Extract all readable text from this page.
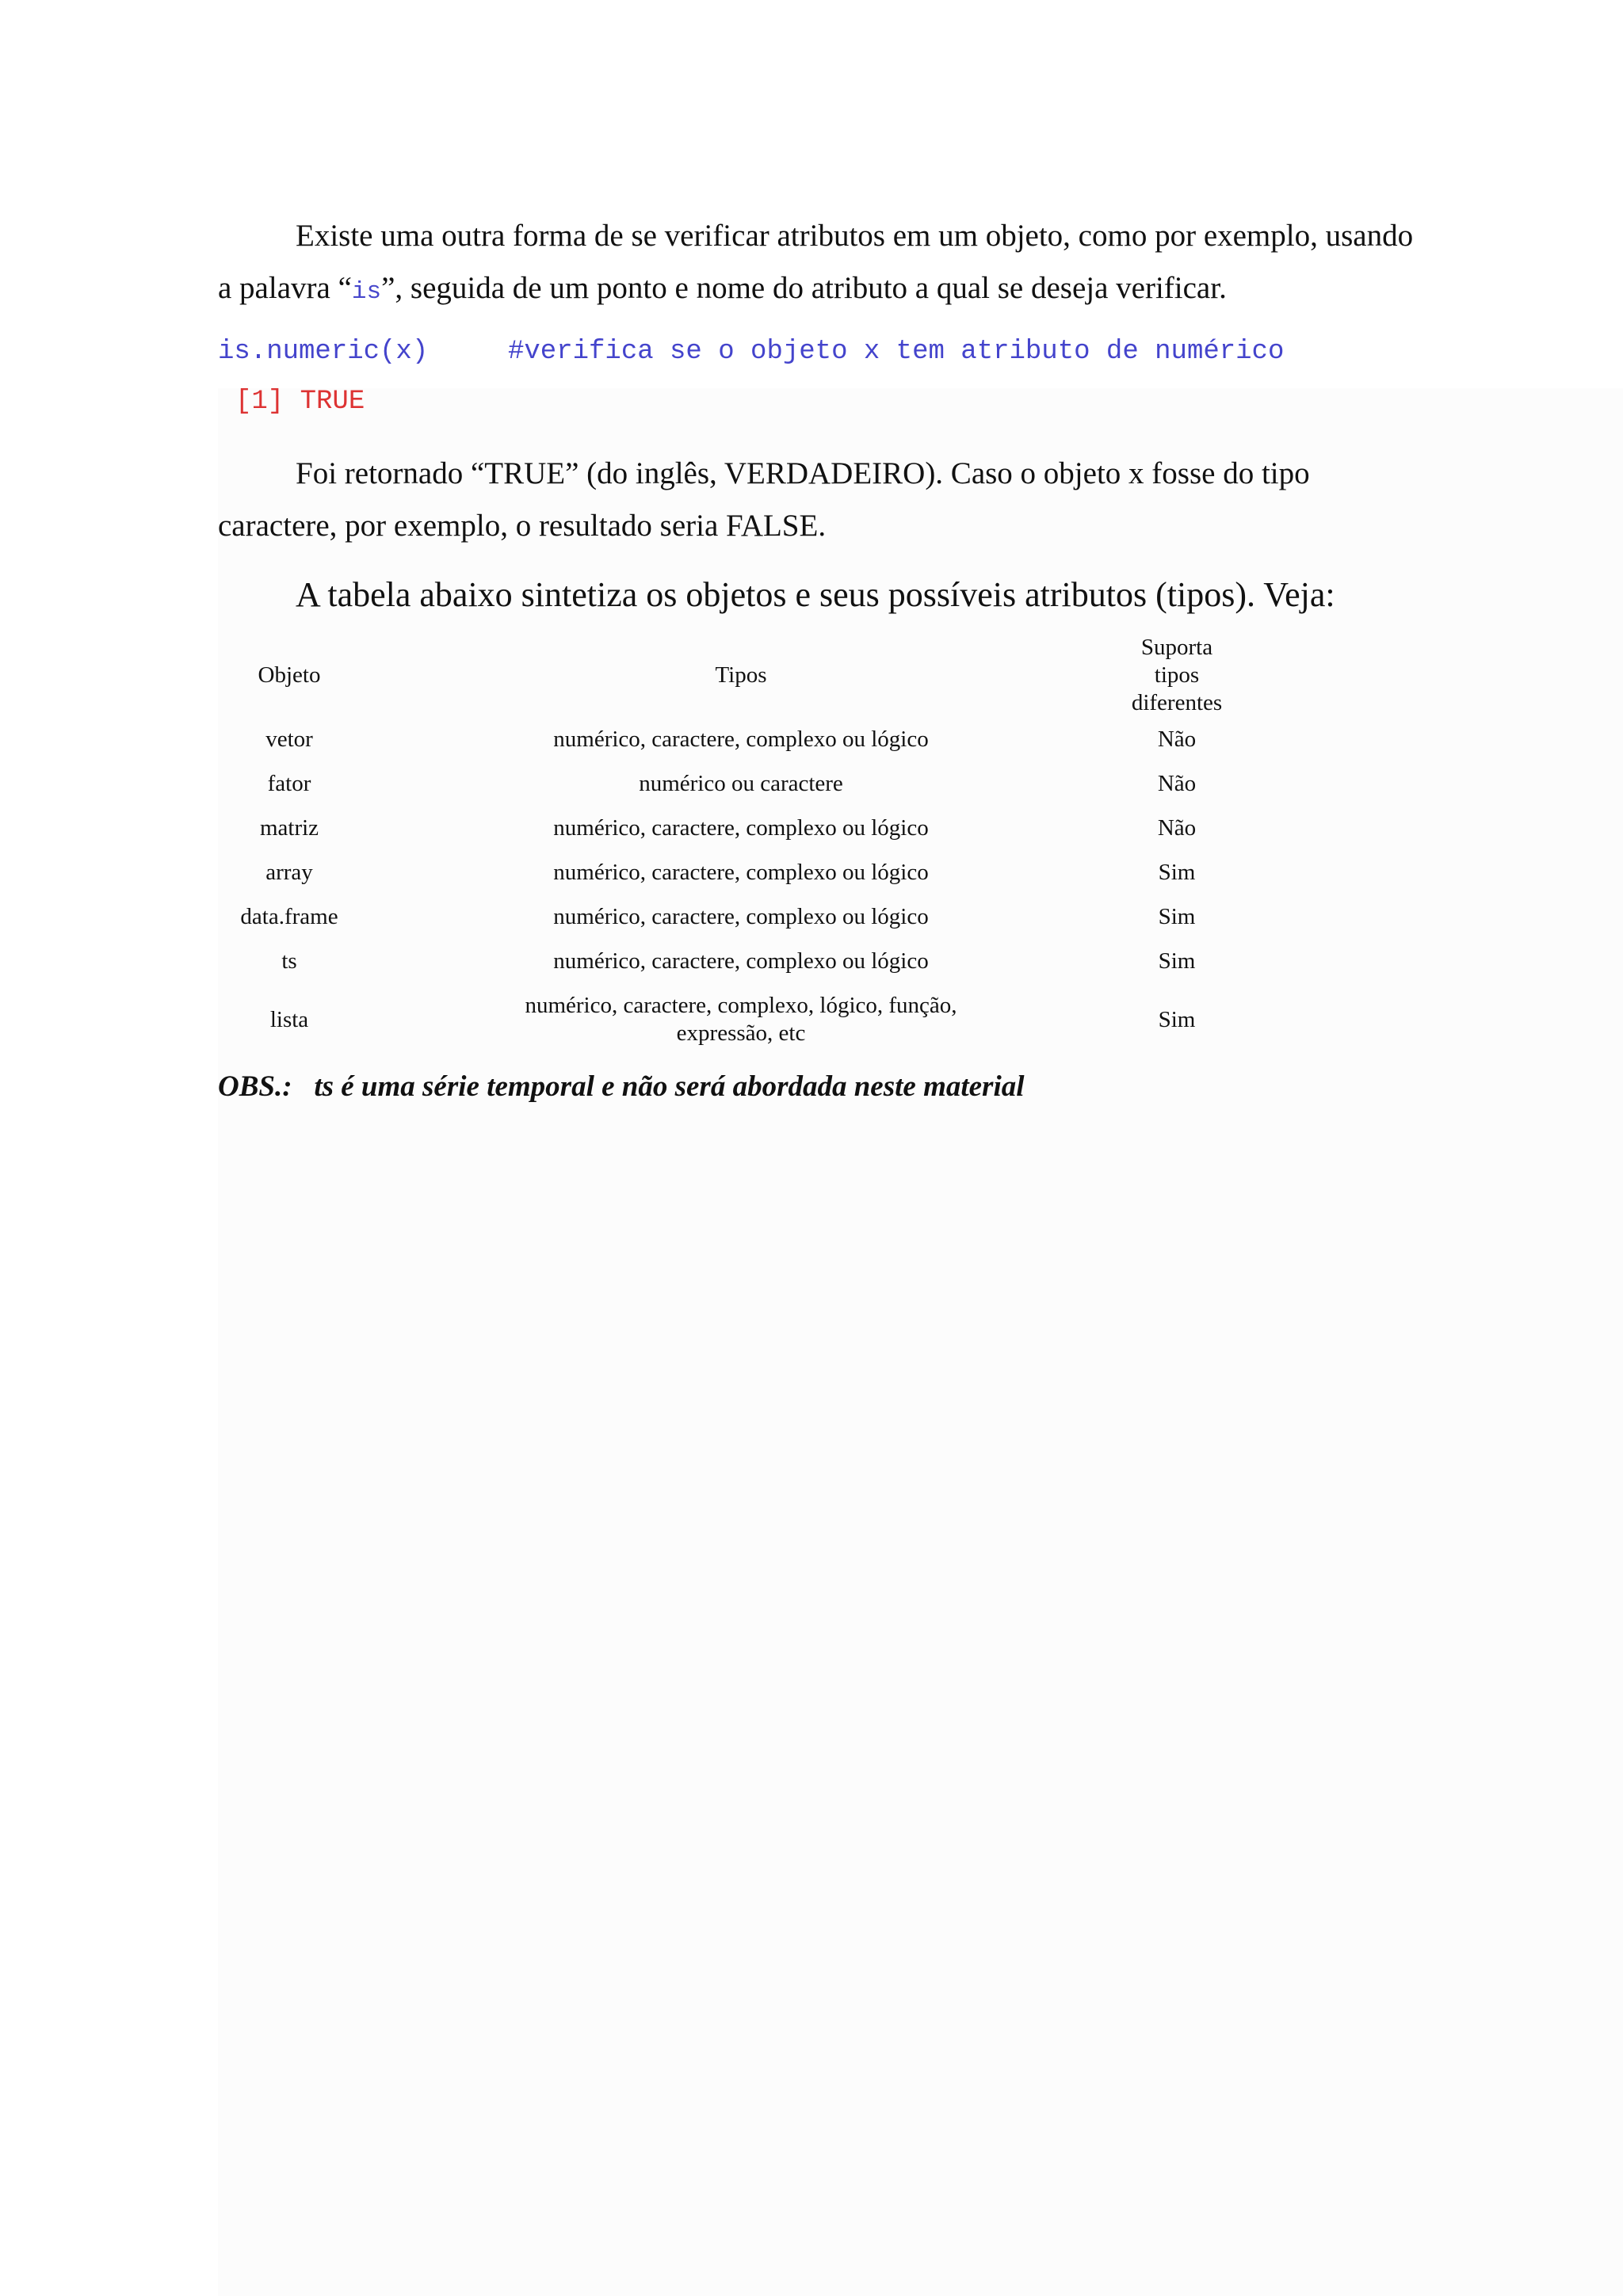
Existe uma outra forma de se verificar atributos em um objeto, como por exemplo, usando a palavra “is”, seguida de um ponto e nome do atributo a qual se deseja verificar.

is.numeric(x)	#verifica se o objeto x tem atributo de numérico
[1] TRUE

Foi retornado “TRUE” (do inglês, VERDADEIRO). Caso o objeto x fosse do tipo caractere, por exemplo, o resultado seria FALSE.

A tabela abaixo sintetiza os objetos e seus possíveis atributos (tipos). Veja:

Objeto	Tipos	Suporta tipos diferentes
vetor	numérico, caractere, complexo ou lógico	Não
fator	numérico ou caractere	Não
matriz	numérico, caractere, complexo ou lógico	Não
array	numérico, caractere, complexo ou lógico	Sim
data.frame	numérico, caractere, complexo ou lógico	Sim
ts	numérico, caractere, complexo ou lógico	Sim
lista	numérico, caractere, complexo, lógico, função, expressão, etc	Sim

OBS.: ts é uma série temporal e não será abordada neste material
